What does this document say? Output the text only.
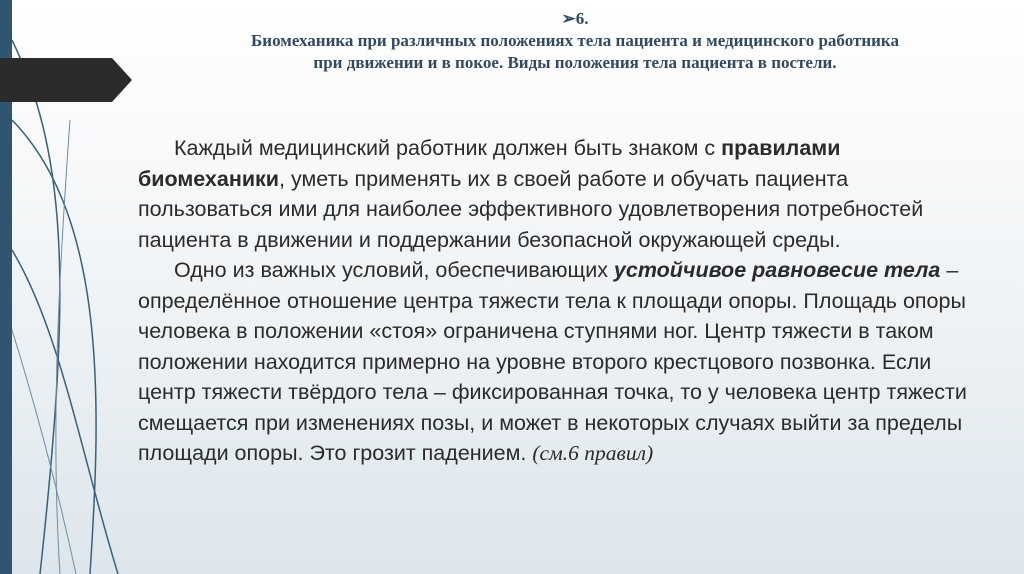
➢6.
Биомеханика при различных положениях тела пациента и медицинского работника
при движении и в покое. Виды положения тела пациента в постели.

Каждый медицинский работник должен быть знаком с правилами биомеханики, уметь применять их в своей работе и обучать пациента пользоваться ими для наиболее эффективного удовлетворения потребностей пациента в движении и поддержании безопасной окружающей среды.

Одно из важных условий, обеспечивающих устойчивое равновесие тела – определённое отношение центра тяжести тела к площади опоры. Площадь опоры человека в положении «стоя» ограничена ступнями ног. Центр тяжести в таком положении находится примерно на уровне второго крестцового позвонка. Если центр тяжести твёрдого тела – фиксированная точка, то у человека центр тяжести смещается при изменениях позы, и может в некоторых случаях выйти за пределы площади опоры. Это грозит падением. (см.6 правил)
